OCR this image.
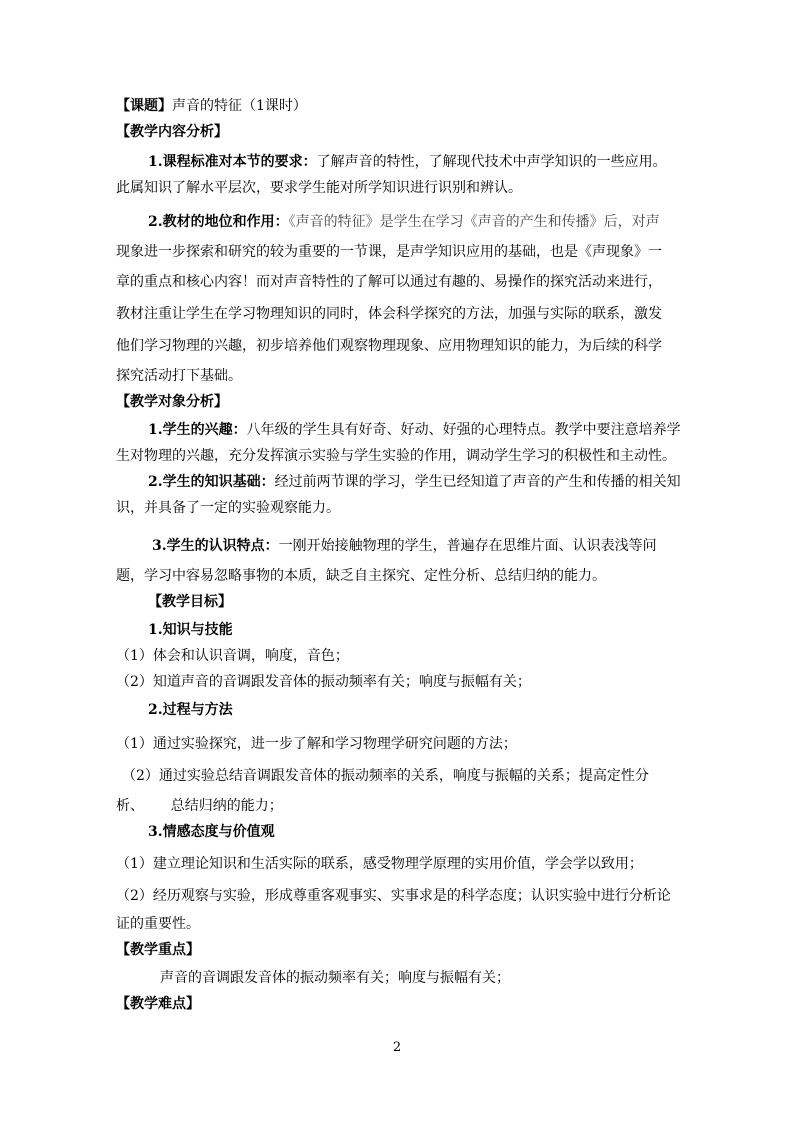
【课题】声音的特征（1课时）
【教学内容分析】
1.课程标准对本节的要求：了解声音的特性，了解现代技术中声学知识的一些应用。
此属知识了解水平层次，要求学生能对所学知识进行识别和辨认。
2.教材的地位和作用：《声音的特征》是学生在学习《声音的产生和传播》后，对声
现象进一步探索和研究的较为重要的一节课，是声学知识应用的基础，也是《声现象》一
章的重点和核心内容！而对声音特性的了解可以通过有趣的、易操作的探究活动来进行，
教材注重让学生在学习物理知识的同时，体会科学探究的方法，加强与实际的联系，激发
他们学习物理的兴趣，初步培养他们观察物理现象、应用物理知识的能力，为后续的科学
探究活动打下基础。
【教学对象分析】
1.学生的兴趣：八年级的学生具有好奇、好动、好强的心理特点。教学中要注意培养学
生对物理的兴趣，充分发挥演示实验与学生实验的作用，调动学生学习的积极性和主动性。
2.学生的知识基础：经过前两节课的学习，学生已经知道了声音的产生和传播的相关知
识，并具备了一定的实验观察能力。
3.学生的认识特点：一刚开始接触物理的学生，普遍存在思维片面、认识表浅等问
题，学习中容易忽略事物的本质，缺乏自主探究、定性分析、总结归纳的能力。
【教学目标】
1.知识与技能
（1）体会和认识音调，响度，音色；
（2）知道声音的音调跟发音体的振动频率有关；响度与振幅有关；
2.过程与方法
（1）通过实验探究，进一步了解和学习物理学研究问题的方法；
（2）通过实验总结音调跟发音体的振动频率的关系，响度与振幅的关系；提高定性分
析、      总结归纳的能力；
3.情感态度与价值观
（1）建立理论知识和生活实际的联系，感受物理学原理的实用价值，学会学以致用；
（2）经历观察与实验，形成尊重客观事实、实事求是的科学态度；认识实验中进行分析论
证的重要性。
【教学重点】
声音的音调跟发音体的振动频率有关；响度与振幅有关；
【教学难点】
2
